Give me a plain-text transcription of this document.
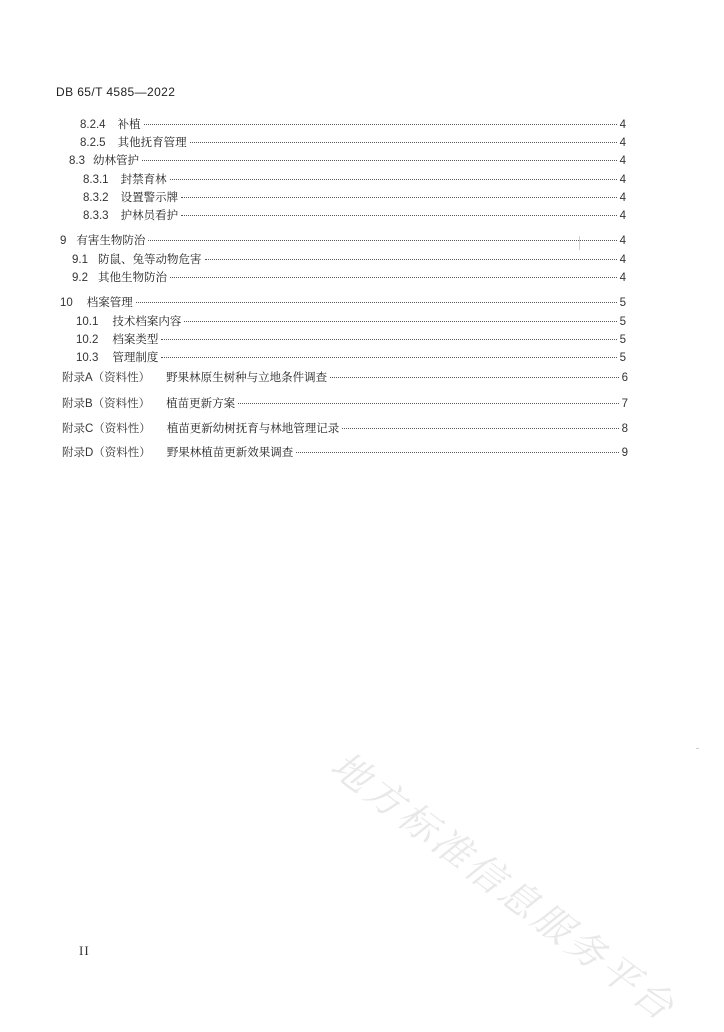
DB 65/T 4585—2022
8.2.4 补植	4
8.2.5 其他抚育管理	4
8.3 幼林管护	4
8.3.1 封禁育林	4
8.3.2 设置警示牌	4
8.3.3 护林员看护	4
9 有害生物防治	4
9.1 防鼠、兔等动物危害	4
9.2 其他生物防治	4
10 档案管理	5
10.1 技术档案内容	5
10.2 档案类型	5
10.3 管理制度	5
附录A（资料性） 野果林原生树种与立地条件调查	6
附录B（资料性） 植苗更新方案	7
附录C（资料性） 植苗更新幼树抚育与林地管理记录	8
附录D（资料性） 野果林植苗更新效果调查	9
地方标准信息服务平台
II
